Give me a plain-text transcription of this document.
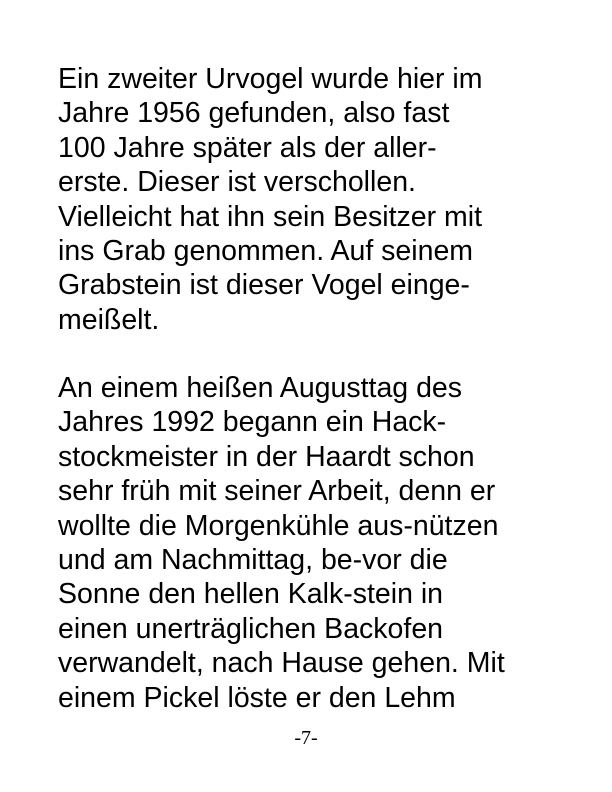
Ein zweiter Urvogel wurde hier im
Jahre 1956 gefunden, also fast
100 Jahre später als der aller-
erste. Dieser ist verschollen.
Vielleicht hat ihn sein Besitzer mit
ins Grab genommen. Auf seinem
Grabstein ist dieser Vogel einge-
meißelt.
An einem heißen Augusttag des
Jahres 1992 begann ein Hack-
stockmeister in der Haardt schon
sehr früh mit seiner Arbeit, denn er
wollte die Morgenkühle aus-nützen
und am Nachmittag, be-vor die
Sonne den hellen Kalk-stein in
einen unerträglichen Backofen
verwandelt, nach Hause gehen. Mit
einem Pickel löste er den Lehm
-7-
